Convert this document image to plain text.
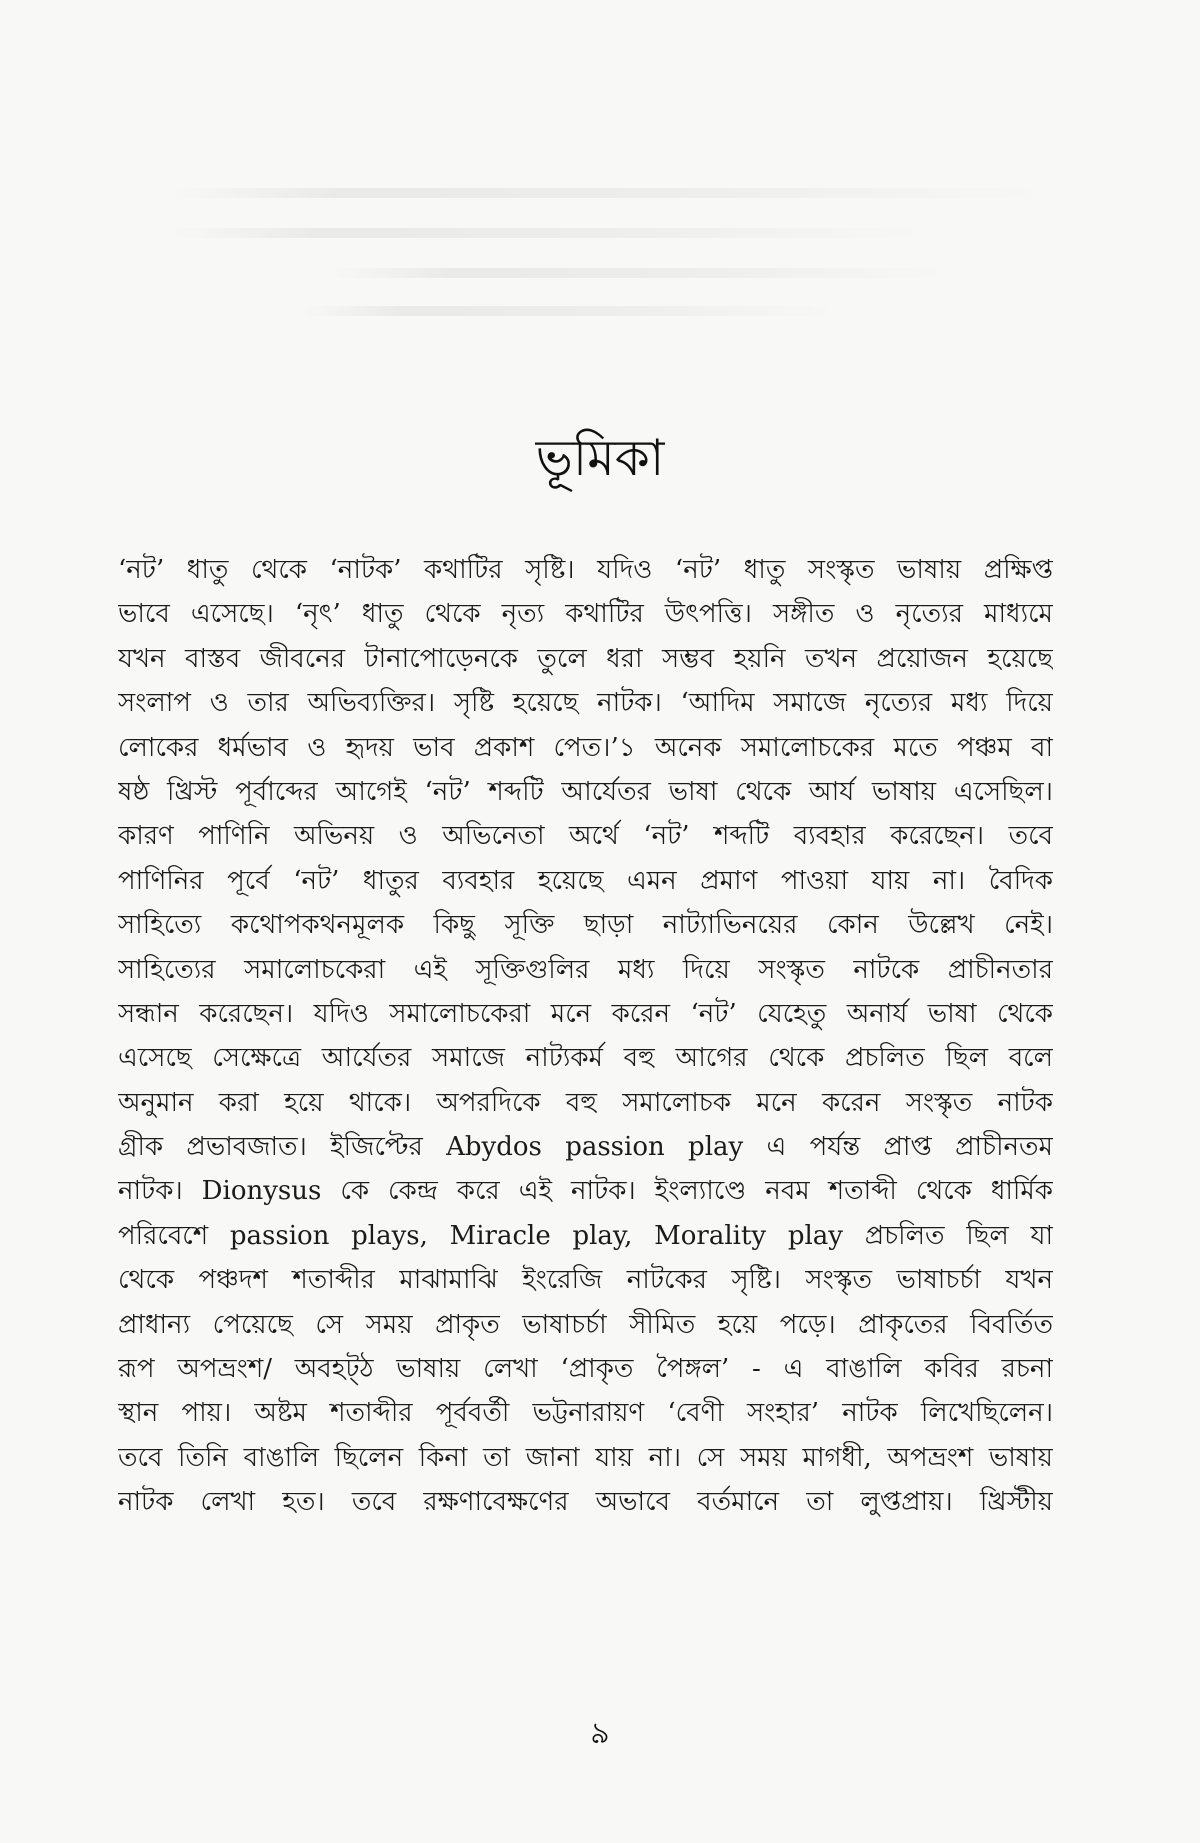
ভূমিকা
‘নট’ ধাতু থেকে ‘নাটক’ কথাটির সৃষ্টি। যদিও ‘নট’ ধাতু সংস্কৃত ভাষায় প্রক্ষিপ্ত
ভাবে এসেছে। ‘নৃৎ’ ধাতু থেকে নৃত্য কথাটির উৎপত্তি। সঙ্গীত ও নৃত্যের মাধ্যমে
যখন বাস্তব জীবনের টানাপোড়েনকে তুলে ধরা সম্ভব হয়নি তখন প্রয়োজন হয়েছে
সংলাপ ও তার অভিব্যক্তির। সৃষ্টি হয়েছে নাটক। ‘আদিম সমাজে নৃত্যের মধ্য দিয়ে
লোকের ধর্মভাব ও হৃদয় ভাব প্রকাশ পেত।’১ অনেক সমালোচকের মতে পঞ্চম বা
ষষ্ঠ খ্রিস্ট পূর্বাব্দের আগেই ‘নট’ শব্দটি আর্যেতর ভাষা থেকে আর্য ভাষায় এসেছিল।
কারণ পাণিনি অভিনয় ও অভিনেতা অর্থে ‘নট’ শব্দটি ব্যবহার করেছেন। তবে
পাণিনির পূর্বে ‘নট’ ধাতুর ব্যবহার হয়েছে এমন প্রমাণ পাওয়া যায় না। বৈদিক
সাহিত্যে কথোপকথনমূলক কিছু সূক্তি ছাড়া নাট্যাভিনয়ের কোন উল্লেখ নেই।
সাহিত্যের সমালোচকেরা এই সূক্তিগুলির মধ্য দিয়ে সংস্কৃত নাটকে প্রাচীনতার
সন্ধান করেছেন। যদিও সমালোচকেরা মনে করেন ‘নট’ যেহেতু অনার্য ভাষা থেকে
এসেছে সেক্ষেত্রে আর্যেতর সমাজে নাট্যকর্ম বহু আগের থেকে প্রচলিত ছিল বলে
অনুমান করা হয়ে থাকে। অপরদিকে বহু সমালোচক মনে করেন সংস্কৃত নাটক
গ্রীক প্রভাবজাত। ইজিপ্টের Abydos passion play এ পর্যন্ত প্রাপ্ত প্রাচীনতম
নাটক। Dionysus কে কেন্দ্র করে এই নাটক। ইংল্যাণ্ডে নবম শতাব্দী থেকে ধার্মিক
পরিবেশে passion plays, Miracle play, Morality play প্রচলিত ছিল যা
থেকে পঞ্চদশ শতাব্দীর মাঝামাঝি ইংরেজি নাটকের সৃষ্টি। সংস্কৃত ভাষাচর্চা যখন
প্রাধান্য পেয়েছে সে সময় প্রাকৃত ভাষাচর্চা সীমিত হয়ে পড়ে। প্রাকৃতের বিবর্তিত
রূপ অপভ্রংশ/ অবহট্ঠ ভাষায় লেখা ‘প্রাকৃত পৈঙ্গল’ - এ বাঙালি কবির রচনা
স্থান পায়। অষ্টম শতাব্দীর পূর্ববর্তী ভট্টনারায়ণ ‘বেণী সংহার’ নাটক লিখেছিলেন।
তবে তিনি বাঙালি ছিলেন কিনা তা জানা যায় না। সে সময় মাগধী, অপভ্রংশ ভাষায়
নাটক লেখা হত। তবে রক্ষণাবেক্ষণের অভাবে বর্তমানে তা লুপ্তপ্রায়। খ্রিস্টীয়
৯
